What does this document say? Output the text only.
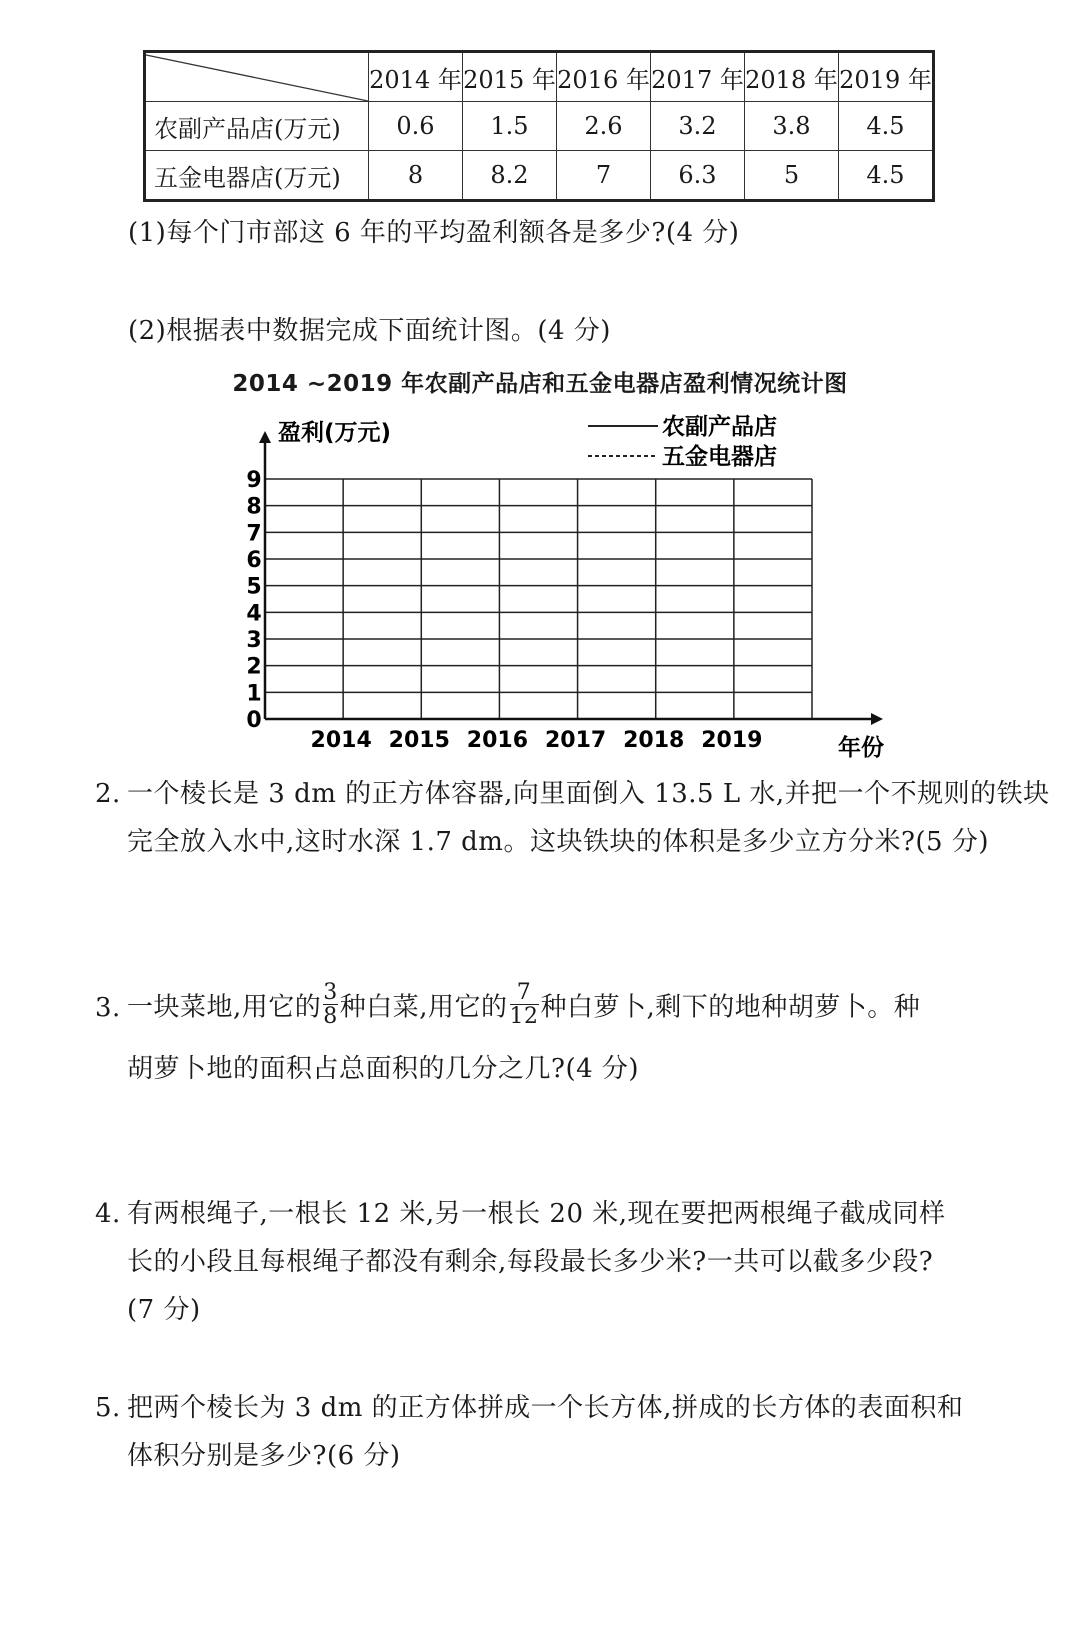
	2014 年	2015 年	2016 年	2017 年	2018 年	2019 年
农副产品店(万元)	0.6	1.5	2.6	3.2	3.8	4.5
五金电器店(万元)	8	8.2	7	6.3	5	4.5
(1)每个门市部这 6 年的平均盈利额各是多少?(4 分)
(2)根据表中数据完成下面统计图。(4 分)
2014 ~2019 年农副产品店和五金电器店盈利情况统计图
0
1
2
3
4
5
6
7
8
9
2014 2015 2016 2017 2018 2019
盈利(万元)
年份
农副产品店
五金电器店
2. 一个棱长是 3 dm 的正方体容器,向里面倒入 13.5 L 水,并把一个不规则的铁块
完全放入水中,这时水深 1.7 dm。这块铁块的体积是多少立方分米?(5 分)
3. 一块菜地,用它的 $\frac{3}{8}$ 种白菜,用它的 $\frac{7}{12}$ 种白萝卜,剩下的地种胡萝卜。种
胡萝卜地的面积占总面积的几分之几?(4 分)
4. 有两根绳子,一根长 12 米,另一根长 20 米,现在要把两根绳子截成同样
长的小段且每根绳子都没有剩余,每段最长多少米?一共可以截多少段?
(7 分)
5. 把两个棱长为 3 dm 的正方体拼成一个长方体,拼成的长方体的表面积和
体积分别是多少?(6 分)
